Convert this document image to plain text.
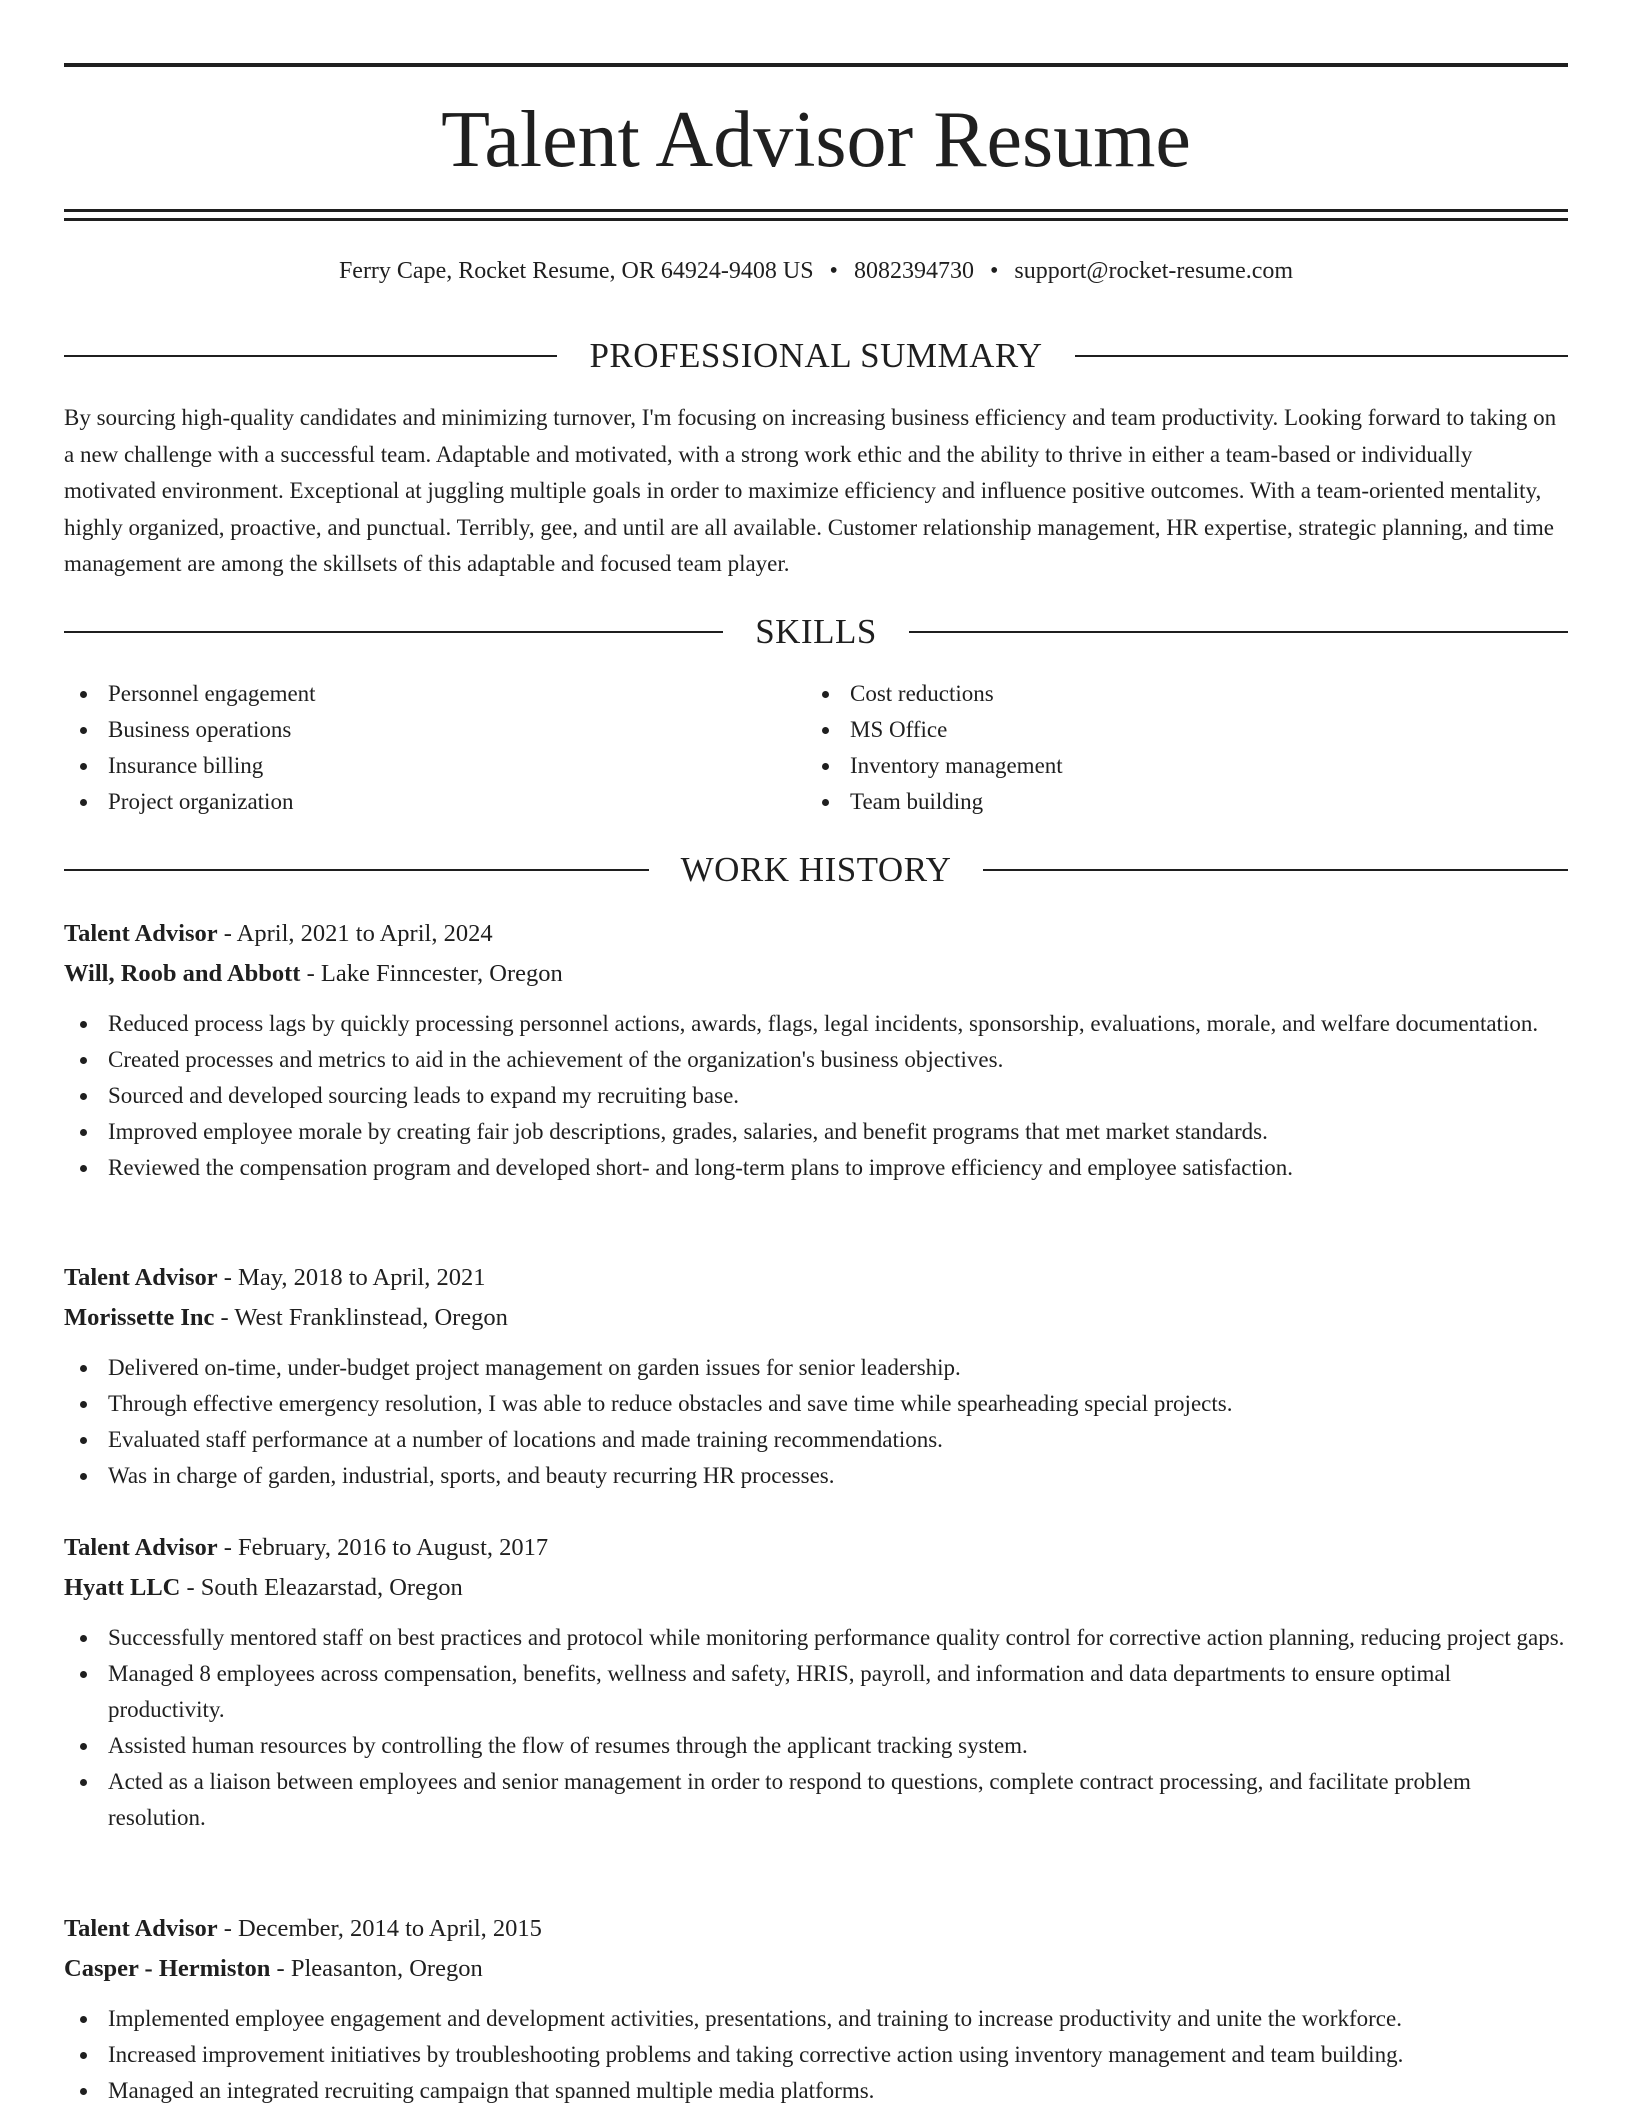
Talent Advisor Resume
Ferry Cape, Rocket Resume, OR 64924-9408 US • 8082394730 • support@rocket-resume.com
PROFESSIONAL SUMMARY

By sourcing high-quality candidates and minimizing turnover, I'm focusing on increasing business efficiency and team productivity. Looking forward to taking on a new challenge with a successful team. Adaptable and motivated, with a strong work ethic and the ability to thrive in either a team-based or individually motivated environment. Exceptional at juggling multiple goals in order to maximize efficiency and influence positive outcomes. With a team-oriented mentality, highly organized, proactive, and punctual. Terribly, gee, and until are all available. Customer relationship management, HR expertise, strategic planning, and time management are among the skillsets of this adaptable and focused team player.

SKILLS
Personnel engagement
Business operations
Insurance billing
Project organization
Cost reductions
MS Office
Inventory management
Team building
WORK HISTORY
Talent Advisor - April, 2021 to April, 2024
Will, Roob and Abbott - Lake Finncester, Oregon
Reduced process lags by quickly processing personnel actions, awards, flags, legal incidents, sponsorship, evaluations, morale, and welfare documentation.
Created processes and metrics to aid in the achievement of the organization's business objectives.
Sourced and developed sourcing leads to expand my recruiting base.
Improved employee morale by creating fair job descriptions, grades, salaries, and benefit programs that met market standards.
Reviewed the compensation program and developed short- and long-term plans to improve efficiency and employee satisfaction.
Talent Advisor - May, 2018 to April, 2021
Morissette Inc - West Franklinstead, Oregon
Delivered on-time, under-budget project management on garden issues for senior leadership.
Through effective emergency resolution, I was able to reduce obstacles and save time while spearheading special projects.
Evaluated staff performance at a number of locations and made training recommendations.
Was in charge of garden, industrial, sports, and beauty recurring HR processes.
Talent Advisor - February, 2016 to August, 2017
Hyatt LLC - South Eleazarstad, Oregon
Successfully mentored staff on best practices and protocol while monitoring performance quality control for corrective action planning, reducing project gaps.
Managed 8 employees across compensation, benefits, wellness and safety, HRIS, payroll, and information and data departments to ensure optimal productivity.
Assisted human resources by controlling the flow of resumes through the applicant tracking system.
Acted as a liaison between employees and senior management in order to respond to questions, complete contract processing, and facilitate problem resolution.
Talent Advisor - December, 2014 to April, 2015
Casper - Hermiston - Pleasanton, Oregon
Implemented employee engagement and development activities, presentations, and training to increase productivity and unite the workforce.
Increased improvement initiatives by troubleshooting problems and taking corrective action using inventory management and team building.
Managed an integrated recruiting campaign that spanned multiple media platforms.
